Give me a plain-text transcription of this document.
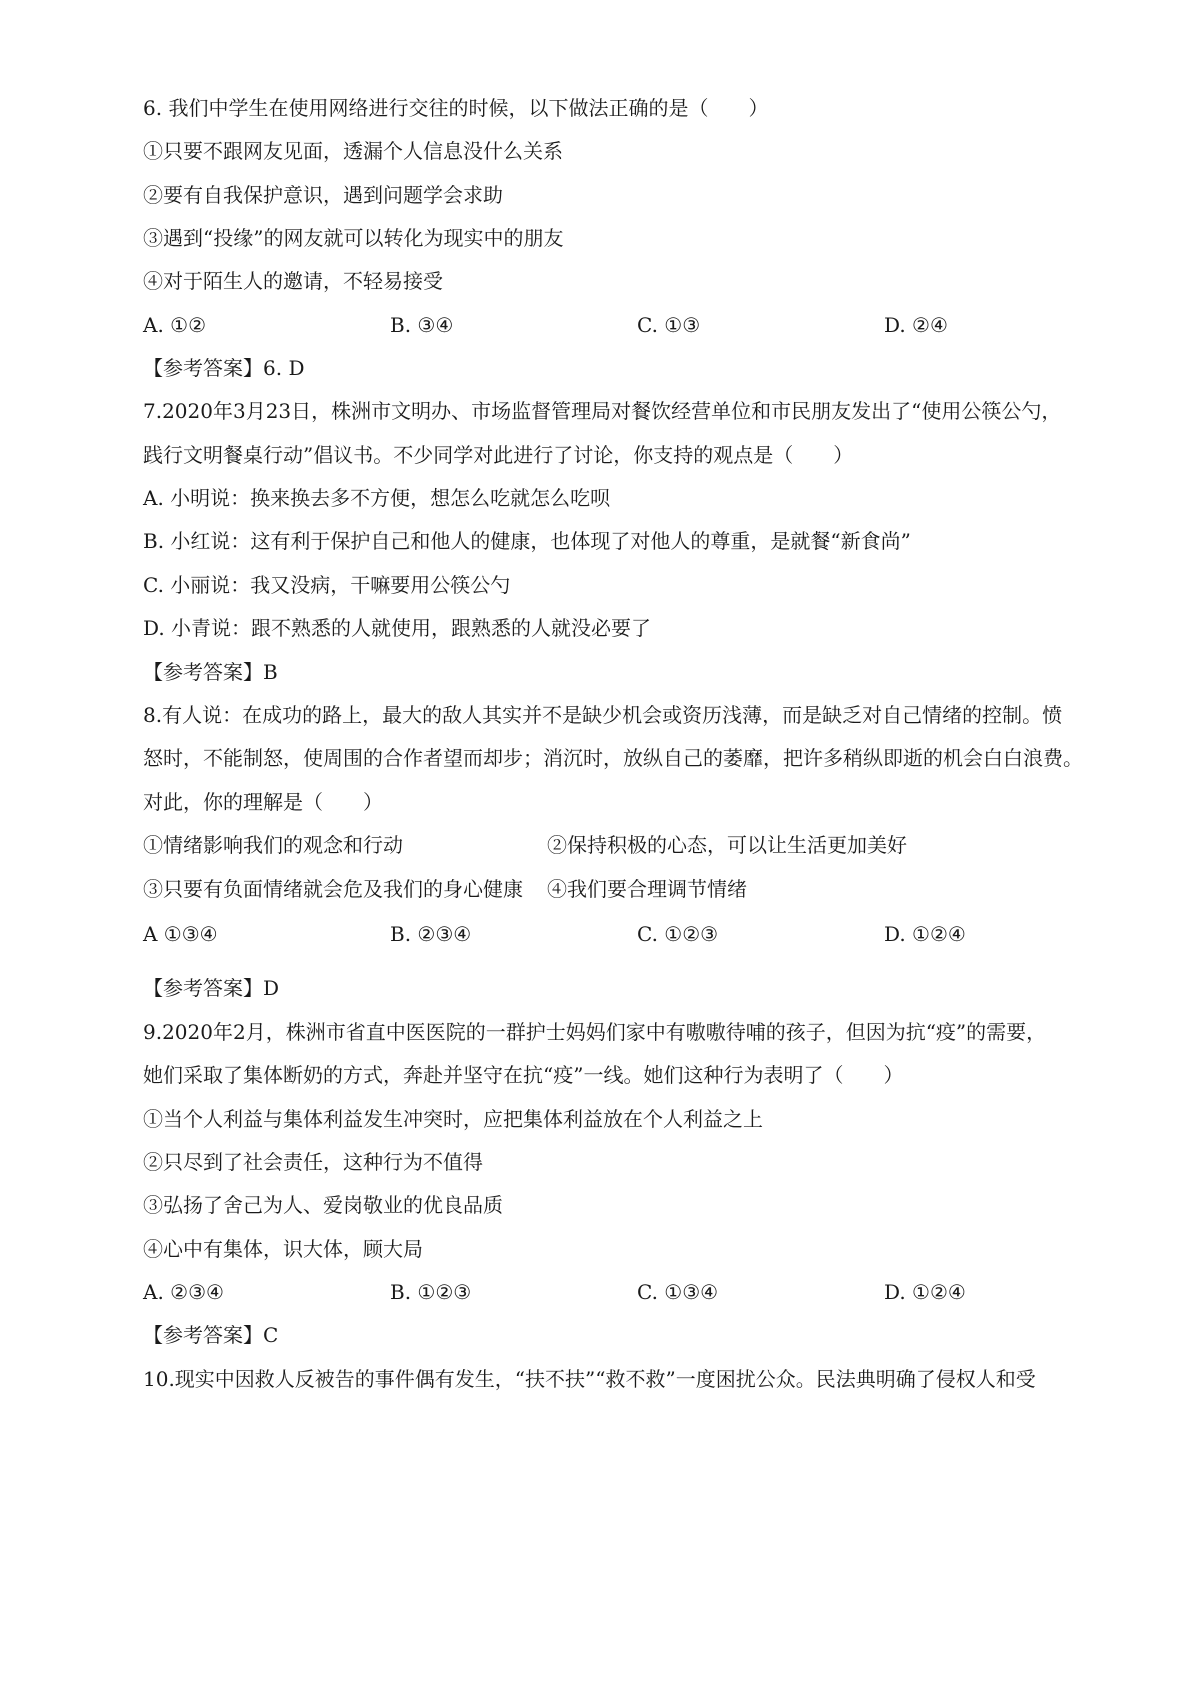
6. 我们中学生在使用网络进行交往的时候，以下做法正确的是（　　）
①只要不跟网友见面，透漏个人信息没什么关系
②要有自我保护意识，遇到问题学会求助
③遇到“投缘”的网友就可以转化为现实中的朋友
④对于陌生人的邀请，不轻易接受
A. ①②	B. ③④	C. ①③	D. ②④
【参考答案】6. D
7.2020年3月23日，株洲市文明办、市场监督管理局对餐饮经营单位和市民朋友发出了“使用公筷公勺，
践行文明餐桌行动”倡议书。不少同学对此进行了讨论，你支持的观点是（　　）
A. 小明说：换来换去多不方便，想怎么吃就怎么吃呗
B. 小红说：这有利于保护自己和他人的健康，也体现了对他人的尊重，是就餐“新食尚”
C. 小丽说：我又没病，干嘛要用公筷公勺
D. 小青说：跟不熟悉的人就使用，跟熟悉的人就没必要了
【参考答案】B
8.有人说：在成功的路上，最大的敌人其实并不是缺少机会或资历浅薄，而是缺乏对自己情绪的控制。愤
怒时，不能制怒，使周围的合作者望而却步；消沉时，放纵自己的萎靡，把许多稍纵即逝的机会白白浪费。
对此，你的理解是（　　）
①情绪影响我们的观念和行动	②保持积极的心态，可以让生活更加美好
③只要有负面情绪就会危及我们的身心健康 ④我们要合理调节情绪
A ①③④	B. ②③④	C. ①②③	D. ①②④
【参考答案】D
9.2020年2月，株洲市省直中医医院的一群护士妈妈们家中有嗷嗷待哺的孩子，但因为抗“疫”的需要，
她们采取了集体断奶的方式，奔赴并坚守在抗“疫”一线。她们这种行为表明了（　　）
①当个人利益与集体利益发生冲突时，应把集体利益放在个人利益之上
②只尽到了社会责任，这种行为不值得
③弘扬了舍己为人、爱岗敬业的优良品质
④心中有集体，识大体，顾大局
A. ②③④	B. ①②③	C. ①③④	D. ①②④
【参考答案】C
10.现实中因救人反被告的事件偶有发生，“扶不扶”“救不救”一度困扰公众。民法典明确了侵权人和受
